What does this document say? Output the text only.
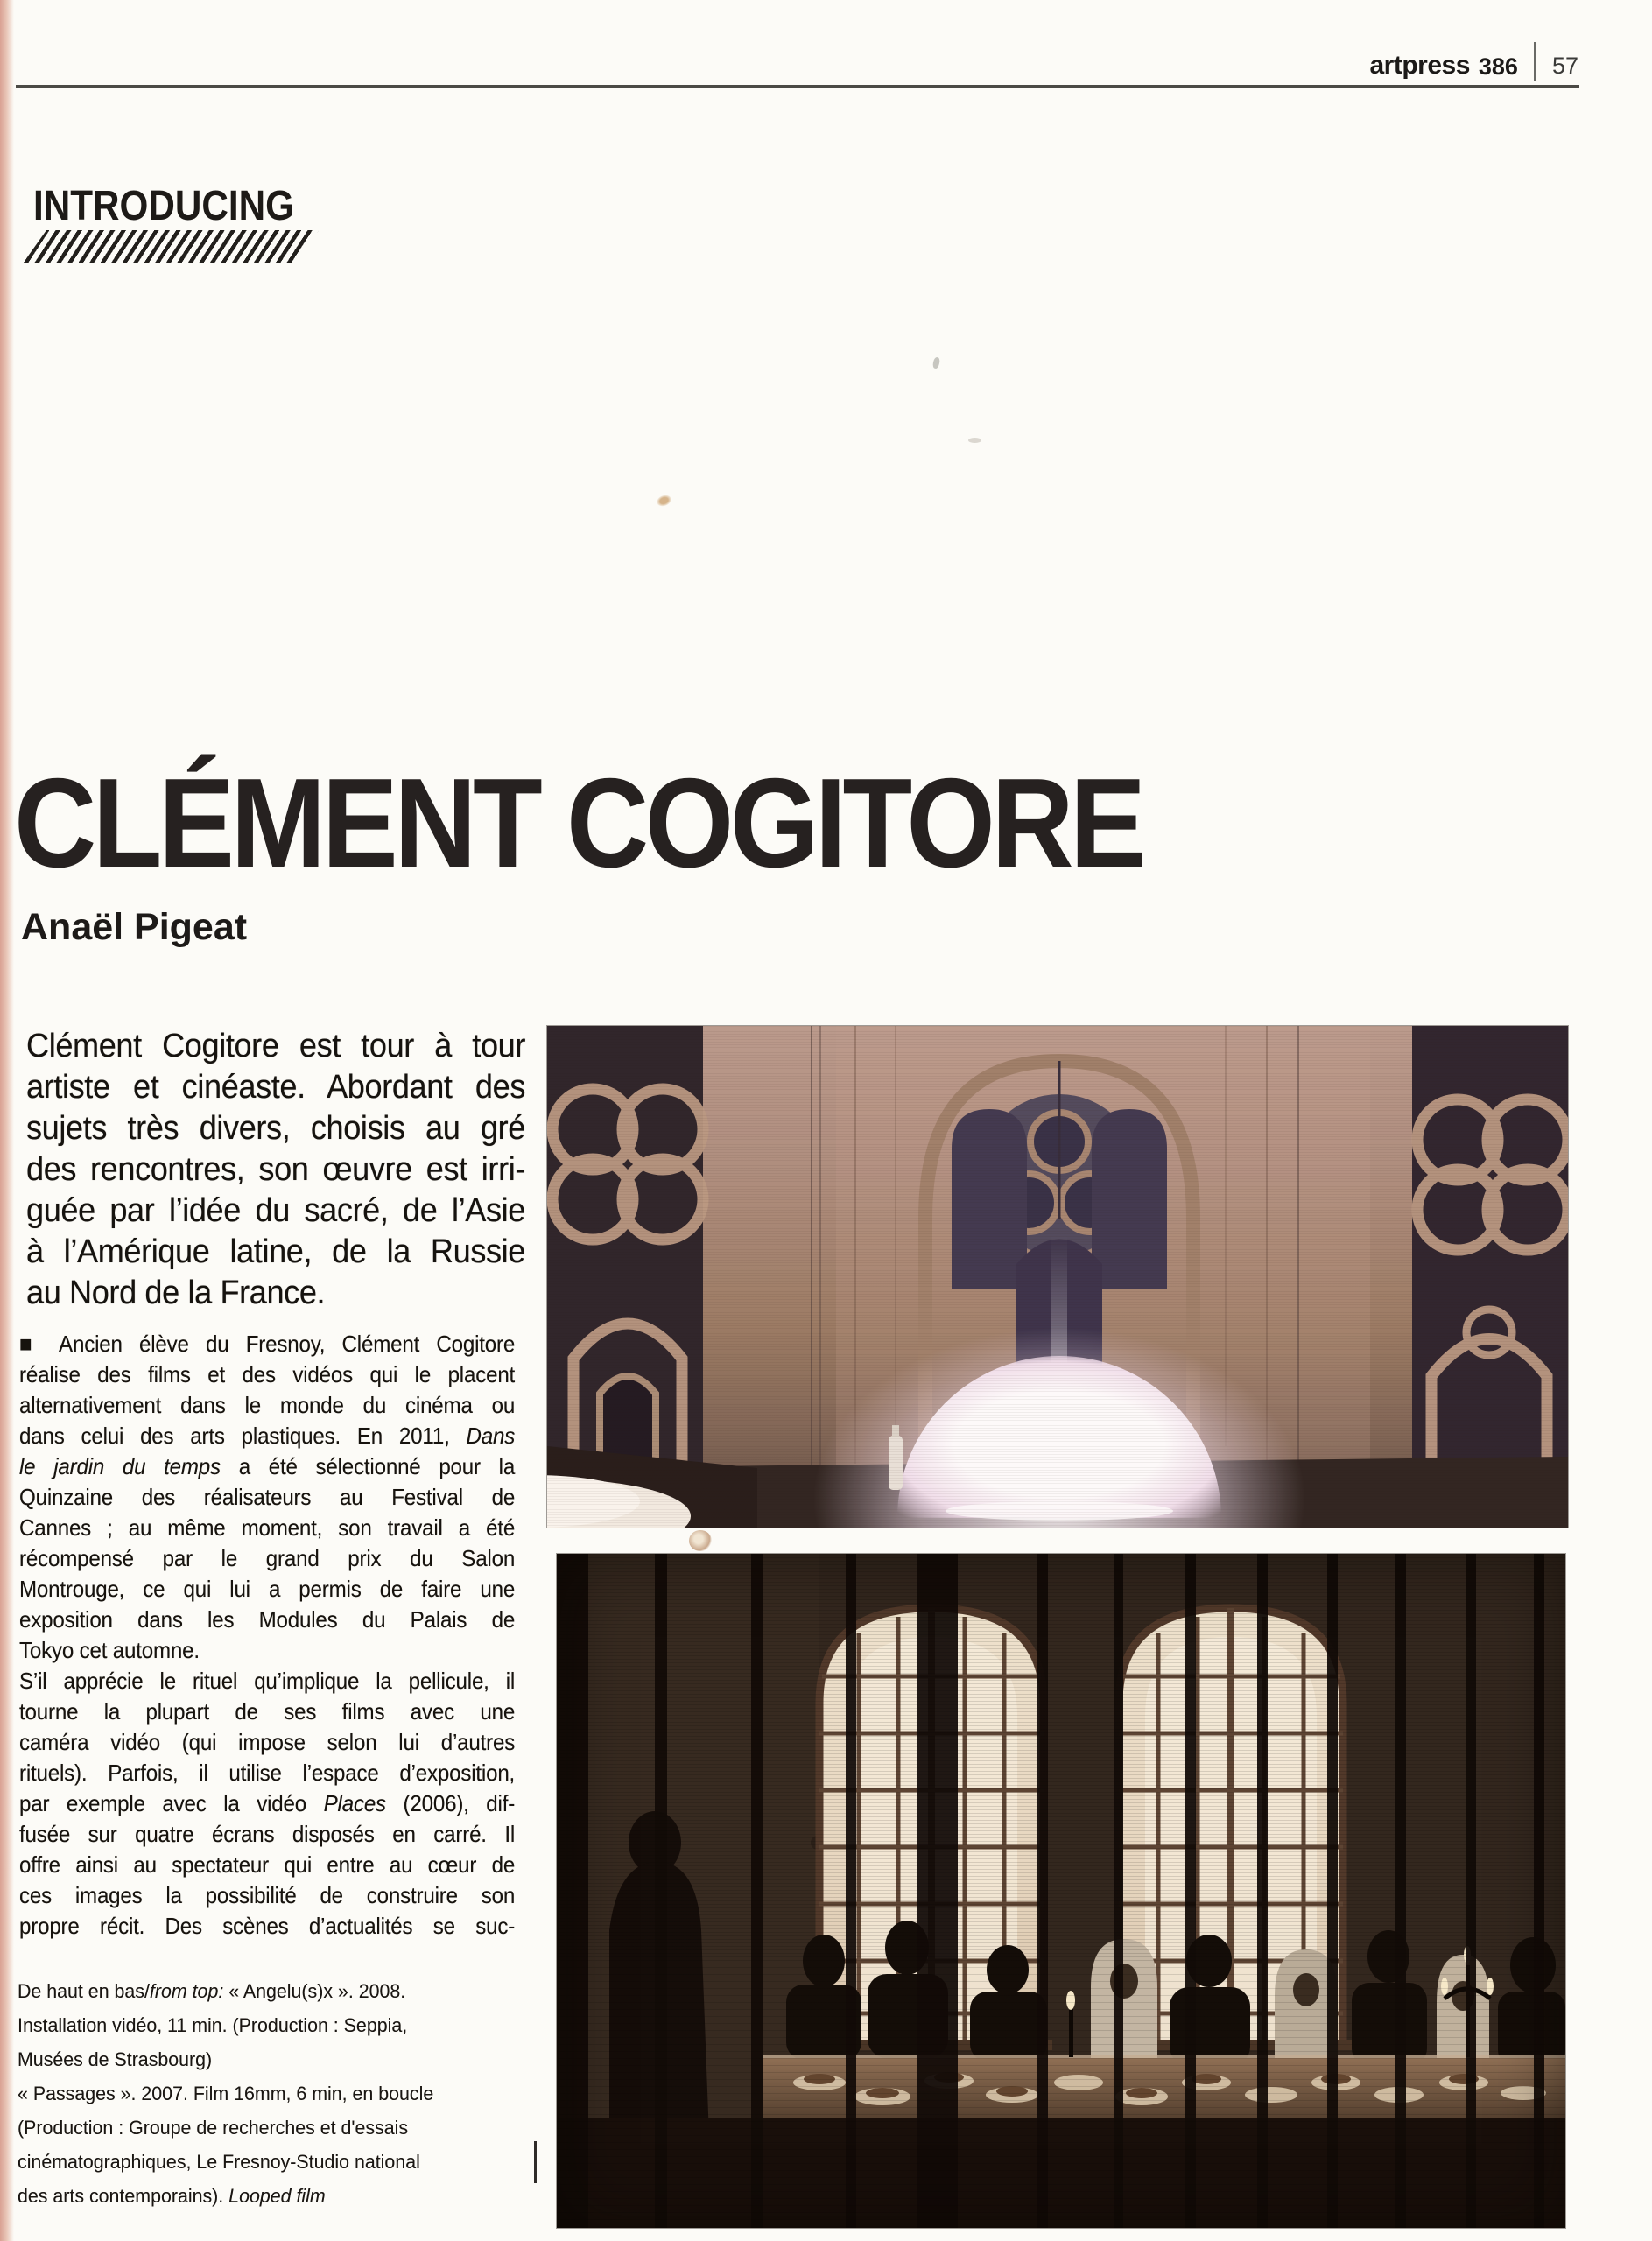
artpress 386 57
INTRODUCING
CLÉMENT COGITORE
Anaël Pigeat
Clément Cogitore est tour à tour
artiste et cinéaste. Abordant des
sujets très divers, choisis au gré
des rencontres, son œuvre est irri-
guée par l’idée du sacré, de l’Asie
à l’Amérique latine, de la Russie
au Nord de la France.
■ Ancien élève du Fresnoy, Clément Cogitore
réalise des films et des vidéos qui le placent
alternativement dans le monde du cinéma ou
dans celui des arts plastiques. En 2011, Dans
le jardin du temps a été sélectionné pour la
Quinzaine des réalisateurs au Festival de
Cannes ; au même moment, son travail a été
récompensé par le grand prix du Salon
Montrouge, ce qui lui a permis de faire une
exposition dans les Modules du Palais de
Tokyo cet automne.
S’il apprécie le rituel qu’implique la pellicule, il
tourne la plupart de ses films avec une
caméra vidéo (qui impose selon lui d’autres
rituels). Parfois, il utilise l’espace d’exposition,
par exemple avec la vidéo Places (2006), dif-
fusée sur quatre écrans disposés en carré. Il
offre ainsi au spectateur qui entre au cœur de
ces images la possibilité de construire son
propre récit. Des scènes d’actualités se suc-
De haut en bas/from top: « Angelu(s)x ». 2008.
Installation vidéo, 11 min. (Production : Seppia,
Musées de Strasbourg)
« Passages ». 2007. Film 16mm, 6 min, en boucle
(Production : Groupe de recherches et d'essais
cinématographiques, Le Fresnoy-Studio national
des arts contemporains). Looped film
